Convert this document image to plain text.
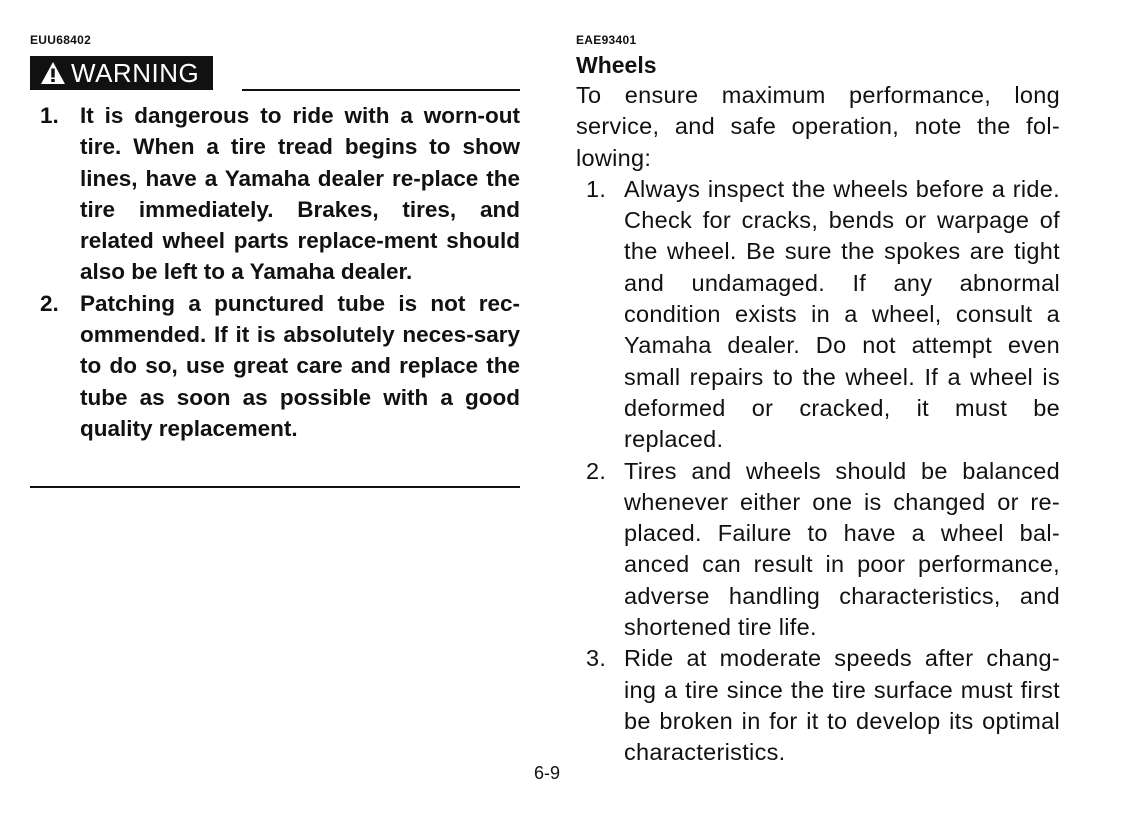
EUU68402
WARNING
1. It is dangerous to ride with a worn-out tire. When a tire tread begins to show lines, have a Yamaha dealer re-place the tire immediately. Brakes, tires, and related wheel parts replace-ment should also be left to a Yamaha dealer.
2. Patching a punctured tube is not rec-ommended. If it is absolutely neces-sary to do so, use great care and replace the tube as soon as possible with a good quality replacement.
EAE93401
Wheels

To ensure maximum performance, long service, and safe operation, note the fol-lowing:

1. Always inspect the wheels before a ride. Check for cracks, bends or warpage of the wheel. Be sure the spokes are tight and undamaged. If any abnormal condition exists in a wheel, consult a Yamaha dealer. Do not attempt even small repairs to the wheel. If a wheel is deformed or cracked, it must be replaced.
2. Tires and wheels should be balanced whenever either one is changed or re-placed. Failure to have a wheel bal-anced can result in poor performance, adverse handling characteristics, and shortened tire life.
3. Ride at moderate speeds after chang-ing a tire since the tire surface must first be broken in for it to develop its optimal characteristics.
6-9
